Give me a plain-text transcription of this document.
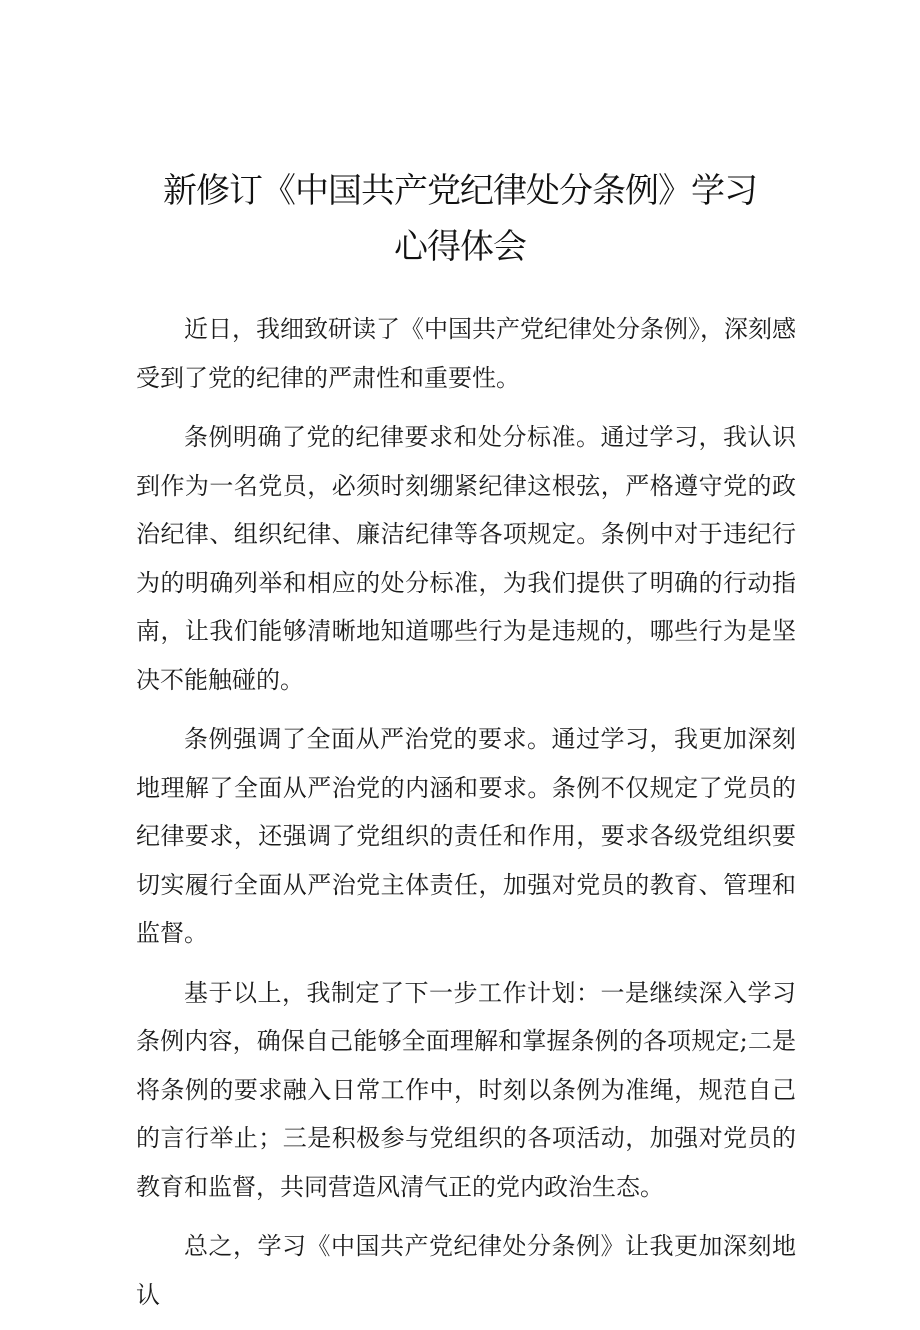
新修订《中国共产党纪律处分条例》学习
心得体会

近日，我细致研读了《中国共产党纪律处分条例》，深刻感受到了党的纪律的严肃性和重要性。

条例明确了党的纪律要求和处分标准。通过学习，我认识到作为一名党员，必须时刻绷紧纪律这根弦，严格遵守党的政治纪律、组织纪律、廉洁纪律等各项规定。条例中对于违纪行为的明确列举和相应的处分标准，为我们提供了明确的行动指南，让我们能够清晰地知道哪些行为是违规的，哪些行为是坚决不能触碰的。

条例强调了全面从严治党的要求。通过学习，我更加深刻地理解了全面从严治党的内涵和要求。条例不仅规定了党员的纪律要求，还强调了党组织的责任和作用，要求各级党组织要切实履行全面从严治党主体责任，加强对党员的教育、管理和监督。

基于以上，我制定了下一步工作计划：一是继续深入学习条例内容，确保自己能够全面理解和掌握条例的各项规定;二是将条例的要求融入日常工作中，时刻以条例为准绳，规范自己的言行举止；三是积极参与党组织的各项活动，加强对党员的教育和监督，共同营造风清气正的党内政治生态。

总之，学习《中国共产党纪律处分条例》让我更加深刻地认
